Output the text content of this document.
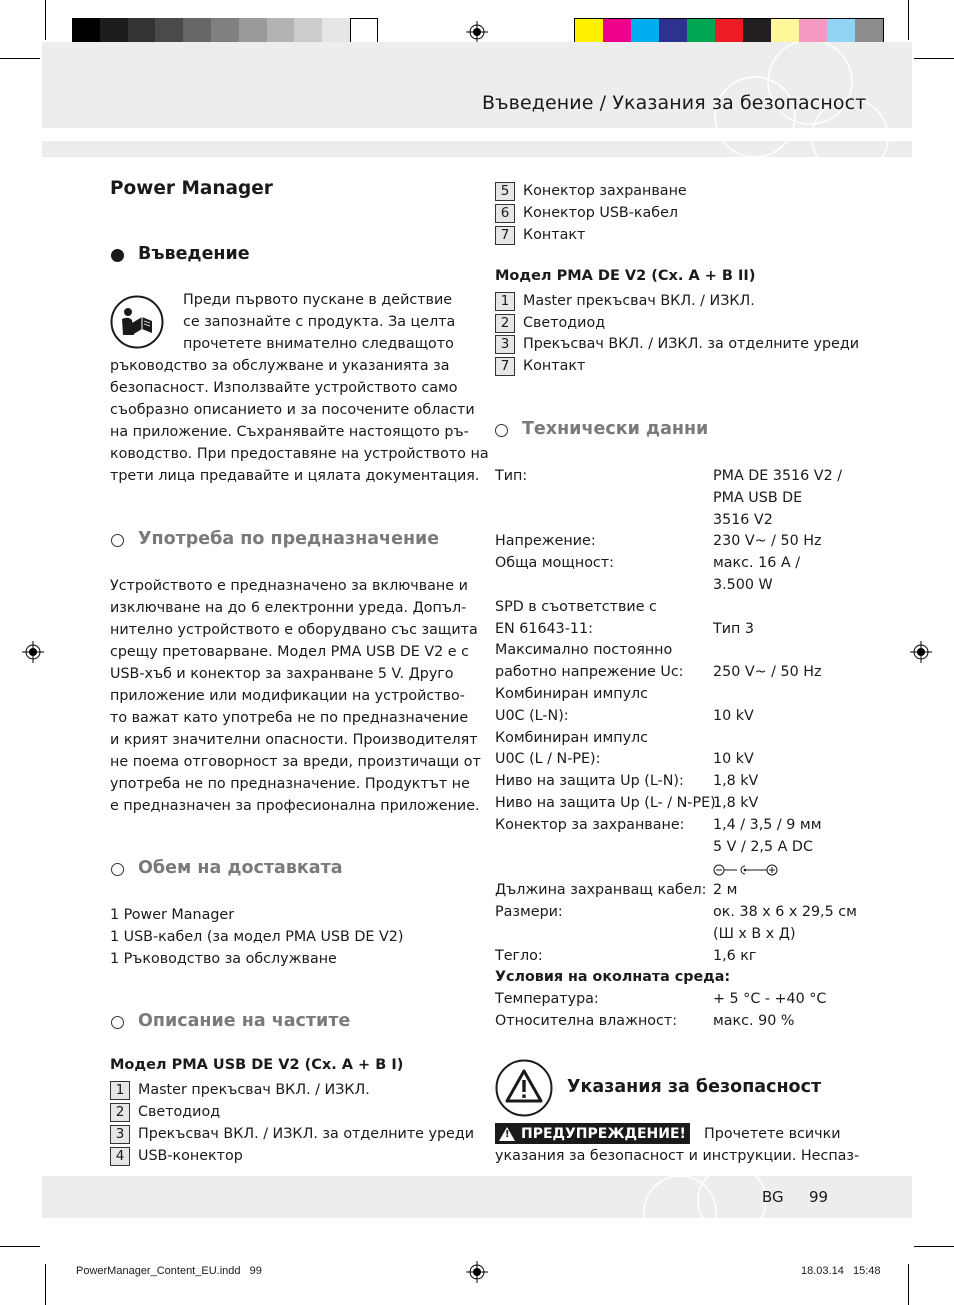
Въведение / Указания за безопасност
Power Manager
Въведение
Преди първото пускане в действие
се запознайте с продукта. За целта
прочетете внимателно следващото
ръководство за обслужване и указанията за
безопасност. Използвайте устройството само
съобразно описанието и за посочените области
на приложение. Съхранявайте настоящото ръ-
ководство. При предоставяне на устройството на
трети лица предавайте и цялата документация.
Употреба по предназначение
Устройството е предназначено за включване и
изключване на до 6 електронни уреда. Допъл-
нително устройството е оборудвано със защита
срещу претоварване. Модел PMA USB DE V2 е с
USB-хъб и конектор за захранване 5 V. Друго
приложение или модификации на устройство-
то важат като употреба не по предназначение
и крият значителни опасности. Производителят
не поема отговорност за вреди, произтичащи от
употреба не по предназначение. Продуктът не
е предназначен за професионална приложение.
Обем на доставката
1 Power Manager
1 USB-кабел (за модел PMA USB DE V2)
1 Ръководство за обслужване
Описание на частите
Модел PMA USB DE V2 (Сх. A + B I)
1 Master прекъсвач ВКЛ. / ИЗКЛ.
2 Светодиод
3 Прекъсвач ВКЛ. / ИЗКЛ. за отделните уреди
4 USB-конектор
5 Конектор захранване
6 Конектор USB-кабел
7 Контакт
Модел PMA DE V2 (Сх. A + B II)
1 Master прекъсвач ВКЛ. / ИЗКЛ.
2 Светодиод
3 Прекъсвач ВКЛ. / ИЗКЛ. за отделните уреди
7 Контакт
Технически данни
Тип:	PMA DE 3516 V2 /
PMA USB DE
3516 V2
Напрежение:	230 V~ / 50 Hz
Обща мощност:	макс. 16 A /
3.500 W
SPD в съответствие с
EN 61643-11:	Тип 3
Максимално постоянно
работно напрежение Uc: 250 V~ / 50 Hz
Комбиниран импулс
U0C (L-N):	10 kV
Комбиниран импулс
U0C (L / N-PE):	10 kV
Ниво на защита Up (L-N): 1,8 kV
Ниво на защита Up (L- / N-PE):
1,8 kV
Конектор за захранване: 1,4 / 3,5 / 9 мм
5 V / 2,5 A DC
Дължина захранващ кабел: 2 м
Размери:	ок. 38 х 6 х 29,5 см
(Ш х В х Д)
Тегло:	1,6 кг
Условия на околната среда:
Температура:	+ 5 °C - +40 °C
Относителна влажност:	макс. 90 %
Указания за безопасност
!
ПРЕДУПРЕЖДЕНИЕ! Прочетете всички
указания за безопасност и инструкции. Неспаз-
BG 99
PowerManager_Content_EU.indd   99	18.03.14   15:48
